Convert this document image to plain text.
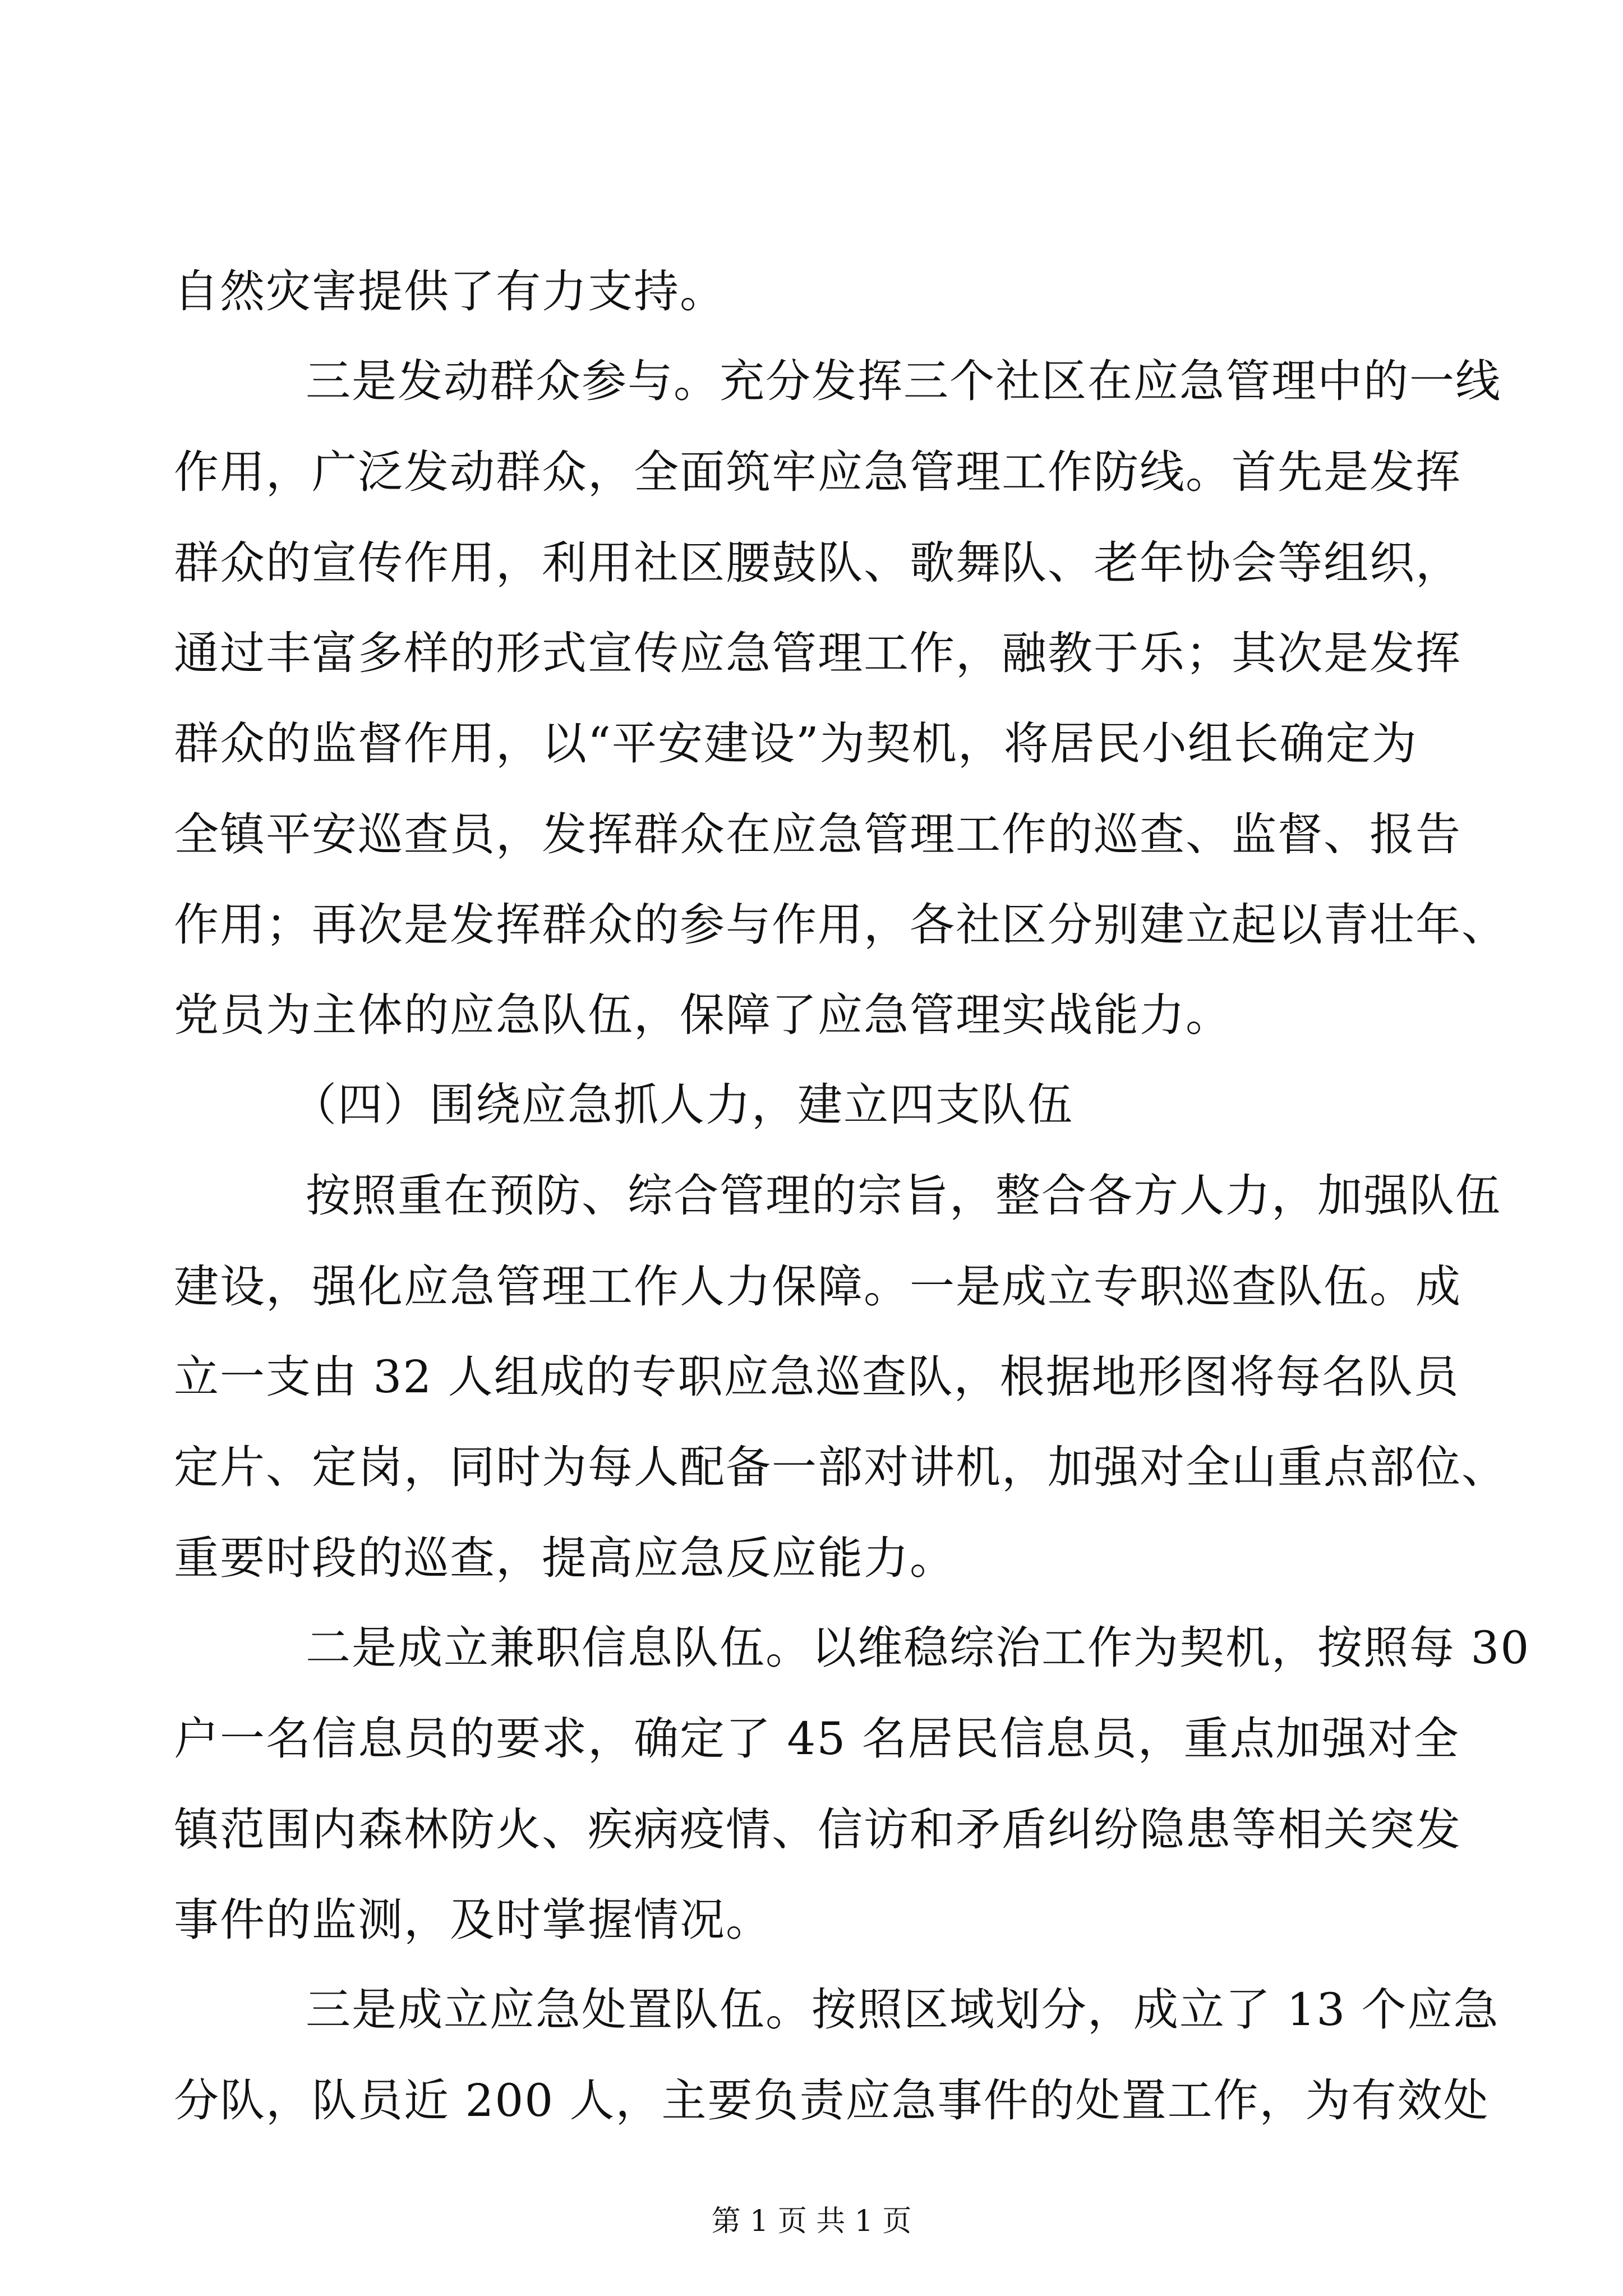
自然灾害提供了有力支持。
三是发动群众参与。充分发挥三个社区在应急管理中的一线
作用，广泛发动群众，全面筑牢应急管理工作防线。首先是发挥
群众的宣传作用，利用社区腰鼓队、歌舞队、老年协会等组织，
通过丰富多样的形式宣传应急管理工作，融教于乐；其次是发挥
群众的监督作用，以“平安建设”为契机，将居民小组长确定为
全镇平安巡查员，发挥群众在应急管理工作的巡查、监督、报告
作用；再次是发挥群众的参与作用，各社区分别建立起以青壮年、
党员为主体的应急队伍，保障了应急管理实战能力。
（四）围绕应急抓人力，建立四支队伍
按照重在预防、综合管理的宗旨，整合各方人力，加强队伍
建设，强化应急管理工作人力保障。一是成立专职巡查队伍。成
立一支由 32 人组成的专职应急巡查队，根据地形图将每名队员
定片、定岗，同时为每人配备一部对讲机，加强对全山重点部位、
重要时段的巡查，提高应急反应能力。
二是成立兼职信息队伍。以维稳综治工作为契机，按照每 30
户一名信息员的要求，确定了 45 名居民信息员，重点加强对全
镇范围内森林防火、疾病疫情、信访和矛盾纠纷隐患等相关突发
事件的监测，及时掌握情况。
三是成立应急处置队伍。按照区域划分，成立了 13 个应急
分队，队员近 200 人，主要负责应急事件的处置工作，为有效处
第 1 页 共 1 页
